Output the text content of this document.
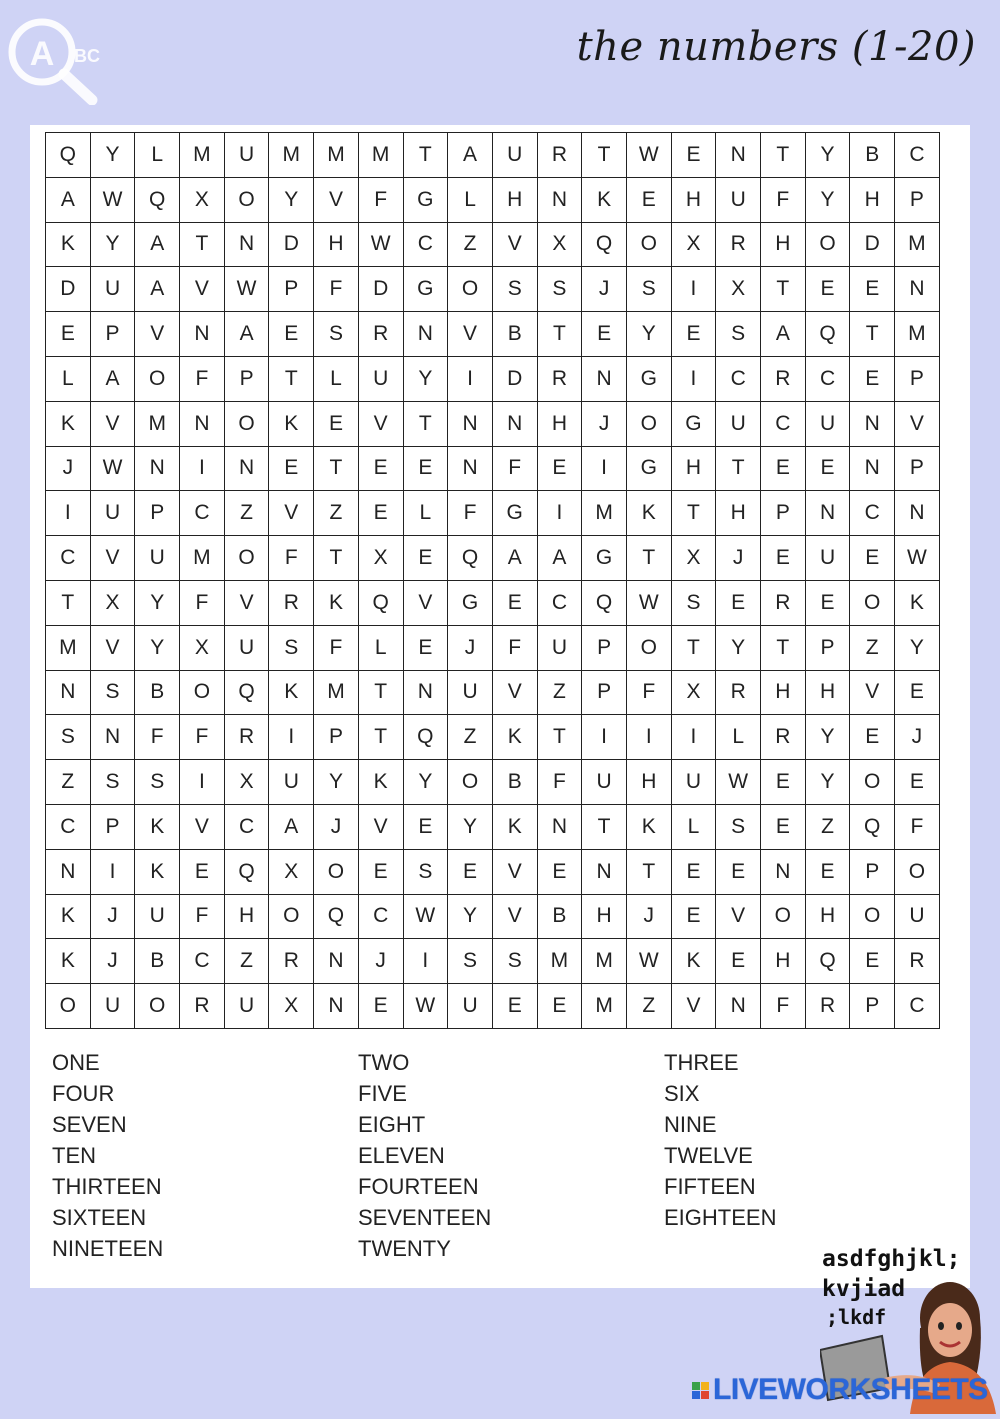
A BC	the numbers (1-20)
Q	Y	L	M	U	M	M	M	T	A	U	R	T	W	E	N	T	Y	B	C
A	W	Q	X	O	Y	V	F	G	L	H	N	K	E	H	U	F	Y	H	P
K	Y	A	T	N	D	H	W	C	Z	V	X	Q	O	X	R	H	O	D	M
D	U	A	V	W	P	F	D	G	O	S	S	J	S	I	X	T	E	E	N
E	P	V	N	A	E	S	R	N	V	B	T	E	Y	E	S	A	Q	T	M
L	A	O	F	P	T	L	U	Y	I	D	R	N	G	I	C	R	C	E	P
K	V	M	N	O	K	E	V	T	N	N	H	J	O	G	U	C	U	N	V
J	W	N	I	N	E	T	E	E	N	F	E	I	G	H	T	E	E	N	P
I	U	P	C	Z	V	Z	E	L	F	G	I	M	K	T	H	P	N	C	N
C	V	U	M	O	F	T	X	E	Q	A	A	G	T	X	J	E	U	E	W
T	X	Y	F	V	R	K	Q	V	G	E	C	Q	W	S	E	R	E	O	K
M	V	Y	X	U	S	F	L	E	J	F	U	P	O	T	Y	T	P	Z	Y
N	S	B	O	Q	K	M	T	N	U	V	Z	P	F	X	R	H	H	V	E
S	N	F	F	R	I	P	T	Q	Z	K	T	I	I	I	L	R	Y	E	J
Z	S	S	I	X	U	Y	K	Y	O	B	F	U	H	U	W	E	Y	O	E
C	P	K	V	C	A	J	V	E	Y	K	N	T	K	L	S	E	Z	Q	F
N	I	K	E	Q	X	O	E	S	E	V	E	N	T	E	E	N	E	P	O
K	J	U	F	H	O	Q	C	W	Y	V	B	H	J	E	V	O	H	O	U
K	J	B	C	Z	R	N	J	I	S	S	M	M	W	K	E	H	Q	E	R
O	U	O	R	U	X	N	E	W	U	E	E	M	Z	V	N	F	R	P	C
ONE	TWO	THREE
FOUR	FIVE	SIX
SEVEN	EIGHT	NINE
TEN	ELEVEN	TWELVE
THIRTEEN	FOURTEEN	FIFTEEN
SIXTEEN	SEVENTEEN	EIGHTEEN
NINETEEN	TWENTY	asdfghjkl;
kvjiad
;lkdf
LIVEWORKSHEETS
